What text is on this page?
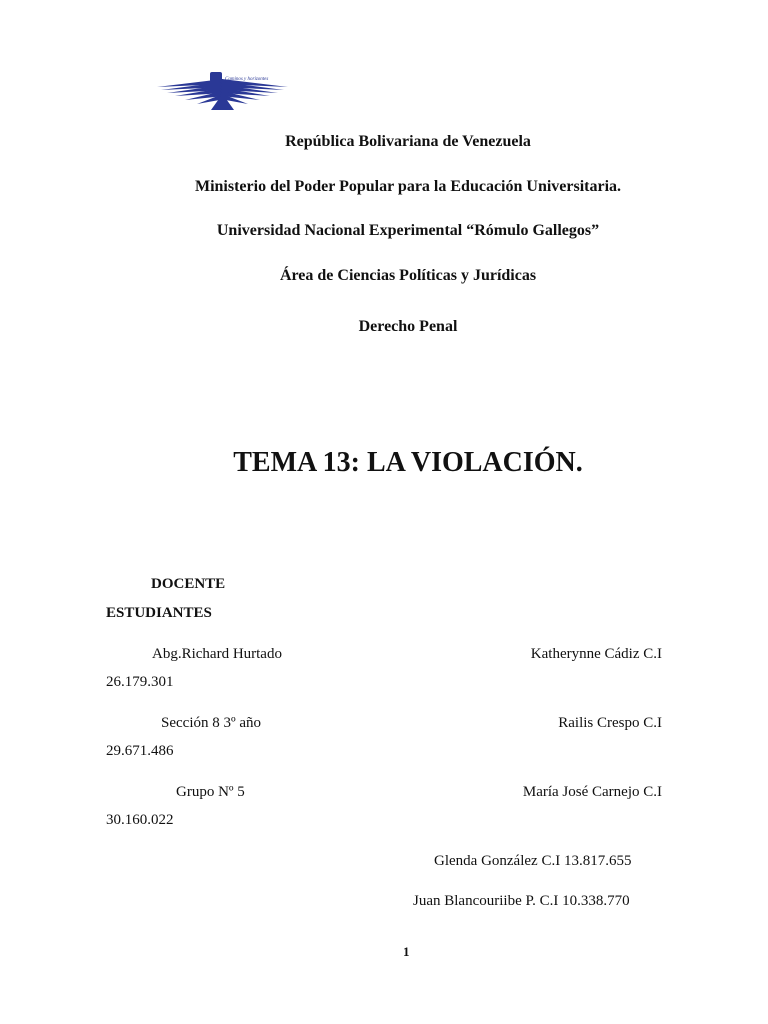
Caminos y horizontes
República Bolivariana de Venezuela
Ministerio del Poder Popular para la Educación Universitaria.
Universidad Nacional Experimental “Rómulo Gallegos”
Área de Ciencias Políticas y Jurídicas
Derecho Penal
TEMA 13: LA VIOLACIÓN.
DOCENTE
ESTUDIANTES
Abg.Richard Hurtado	Katherynne Cádiz C.I
26.179.301
Sección 8 3º año	Railis Crespo C.I
29.671.486
Grupo Nº 5	María José Carnejo C.I
30.160.022
Glenda González C.I 13.817.655
Juan Blancouriibe P. C.I 10.338.770
1
